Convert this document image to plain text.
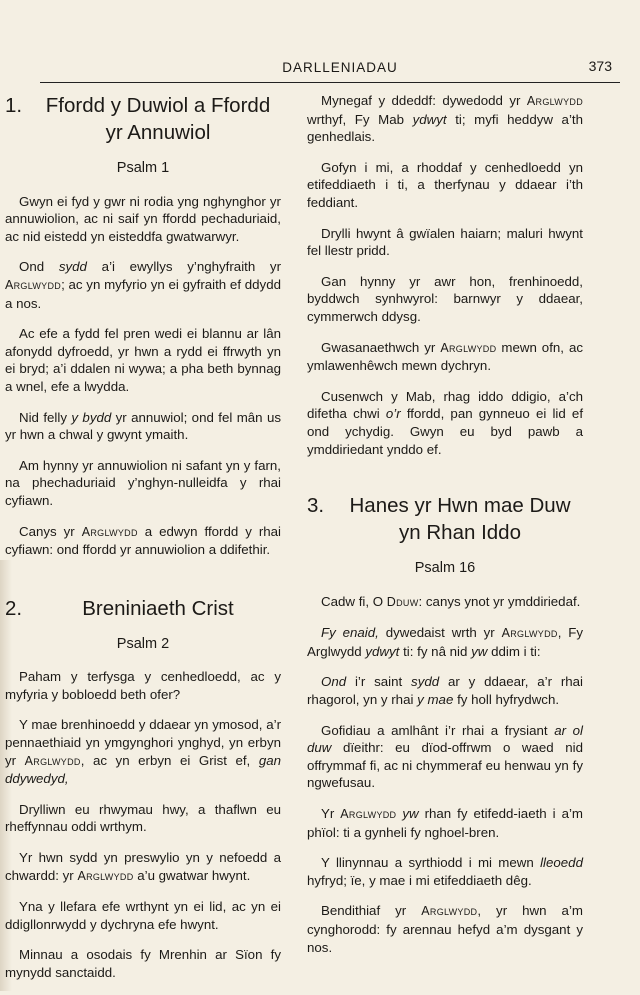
DARLLENIADAU	373
1.	Ffordd y Duwiol a Ffordd yr Annuwiol
Psalm 1

Gwyn ei fyd y gwr ni rodia yng nghynghor yr annuwiolion, ac ni saif yn ffordd pechaduriaid, ac nid eistedd yn eisteddfa gwatwarwyr.

Ond sydd a’i ewyllys y’nghyfraith yr Arglwydd; ac yn myfyrio yn ei gyfraith ef ddydd a nos.

Ac efe a fydd fel pren wedi ei blannu ar lân afonydd dyfroedd, yr hwn a rydd ei ffrwyth yn ei bryd; a’i ddalen ni wywa; a pha beth bynnag a wnel, efe a lwydda.

Nid felly y bydd yr annuwiol; ond fel mân us yr hwn a chwal y gwynt ymaith.

Am hynny yr annuwiolion ni safant yn y farn, na phechaduriaid y’nghyn-nulleidfa y rhai cyfiawn.

Canys yr Arglwydd a edwyn ffordd y rhai cyfiawn: ond ffordd yr annuwiolion a ddifethir.

2.	Breniniaeth Crist
Psalm 2

Paham y terfysga y cenhedloedd, ac y myfyria y bobloedd beth ofer?

Y mae brenhinoedd y ddaear yn ymosod, a’r pennaethiaid yn ymgynghori ynghyd, yn erbyn yr Arglwydd, ac yn erbyn ei Grist ef, gan ddywedyd,

Drylliwn eu rhwymau hwy, a thaflwn eu rheffynnau oddi wrthym.

Yr hwn sydd yn preswylio yn y nefoedd a chwardd: yr Arglwydd a’u gwatwar hwynt.

Yna y llefara efe wrthynt yn ei lid, ac yn ei ddigllonrwydd y dychryna efe hwynt.

Minnau a osodais fy Mrenhin ar Sïon fy mynydd sanctaidd.

Mynegaf y ddeddf: dywedodd yr Arglwydd wrthyf, Fy Mab ydwyt ti; myfi heddyw a’th genhedlais.

Gofyn i mi, a rhoddaf y cenhedloedd yn etifeddiaeth i ti, a therfynau y ddaear i’th feddiant.

Drylli hwynt â gwïalen haiarn; maluri hwynt fel llestr pridd.

Gan hynny yr awr hon, frenhinoedd, byddwch synhwyrol: barnwyr y ddaear, cymmerwch ddysg.

Gwasanaethwch yr Arglwydd mewn ofn, ac ymlawenhêwch mewn dychryn.

Cusenwch y Mab, rhag iddo ddigio, a’ch difetha chwi o’r ffordd, pan gynneuo ei lid ef ond ychydig. Gwyn eu byd pawb a ymddiriedant ynddo ef.

3.	Hanes yr Hwn mae Duw yn Rhan Iddo
Psalm 16

Cadw fi, O Dduw: canys ynot yr ymddiriedaf.

Fy enaid, dywedaist wrth yr Arglwydd, Fy Arglwydd ydwyt ti: fy nâ nid yw ddim i ti:

Ond i’r saint sydd ar y ddaear, a’r rhai rhagorol, yn y rhai y mae fy holl hyfrydwch.

Gofidiau a amlhânt i’r rhai a frysiant ar ol duw dïeithr: eu dïod-offrwm o waed nid offrymmaf fi, ac ni chymmeraf eu henwau yn fy ngwefusau.

Yr Arglwydd yw rhan fy etifedd-iaeth i a’m phïol: ti a gynheli fy nghoel-bren.

Y llinynnau a syrthiodd i mi mewn lleoedd hyfryd; ïe, y mae i mi etifeddiaeth dêg.

Bendithiaf yr Arglwydd, yr hwn a’m cynghorodd: fy arennau hefyd a’m dysgant y nos.
